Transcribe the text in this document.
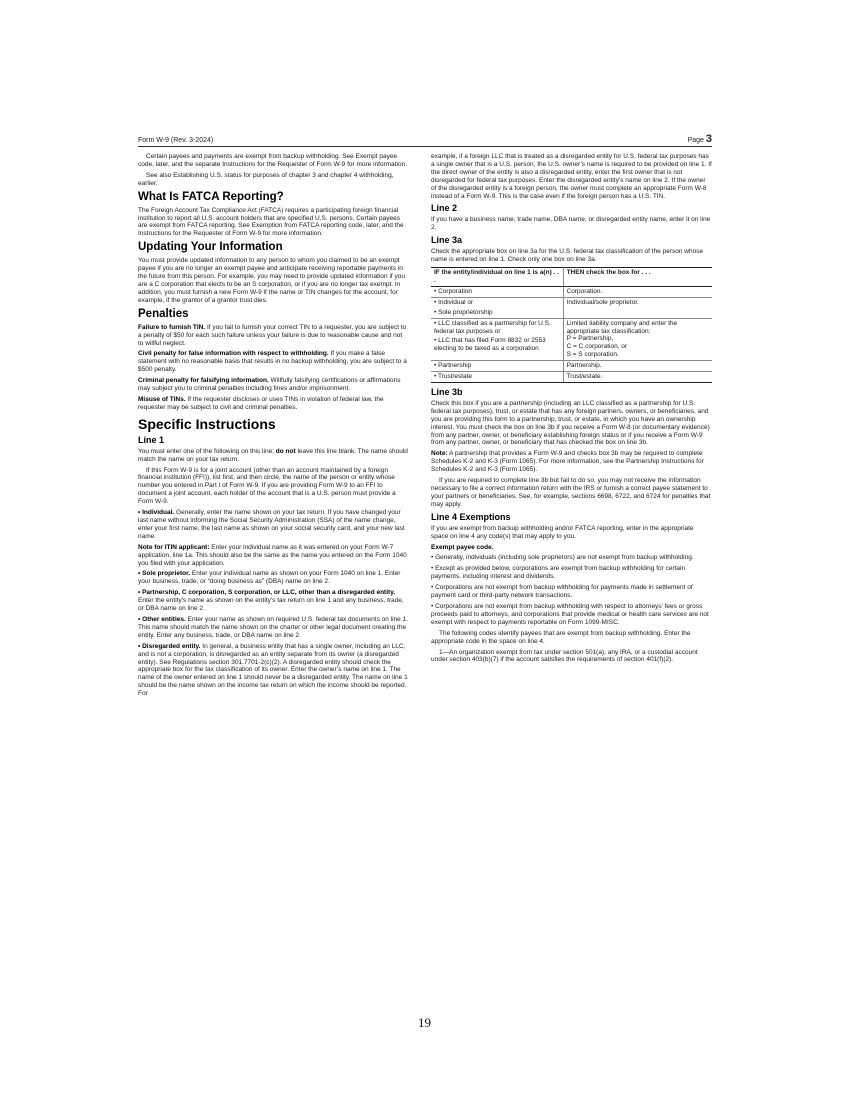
Form W-9 (Rev. 3-2024)	Page 3

Certain payees and payments are exempt from backup withholding. See Exempt payee code, later, and the separate Instructions for the Requester of Form W-9 for more information.

See also Establishing U.S. status for purposes of chapter 3 and chapter 4 withholding, earlier.

What Is FATCA Reporting?

The Foreign Account Tax Compliance Act (FATCA) requires a participating foreign financial institution to report all U.S. account holders that are specified U.S. persons. Certain payees are exempt from FATCA reporting. See Exemption from FATCA reporting code, later, and the Instructions for the Requester of Form W-9 for more information.

Updating Your Information

You must provide updated information to any person to whom you claimed to be an exempt payee if you are no longer an exempt payee and anticipate receiving reportable payments in the future from this person. For example, you may need to provide updated information if you are a C corporation that elects to be an S corporation, or if you are no longer tax exempt. In addition, you must furnish a new Form W-9 if the name or TIN changes for the account, for example, if the grantor of a grantor trust dies.

Penalties

Failure to furnish TIN. If you fail to furnish your correct TIN to a requester, you are subject to a penalty of $50 for each such failure unless your failure is due to reasonable cause and not to willful neglect.

Civil penalty for false information with respect to withholding. If you make a false statement with no reasonable basis that results in no backup withholding, you are subject to a $500 penalty.

Criminal penalty for falsifying information. Willfully falsifying certifications or affirmations may subject you to criminal penalties including fines and/or imprisonment.

Misuse of TINs. If the requester discloses or uses TINs in violation of federal law, the requester may be subject to civil and criminal penalties.

Specific Instructions
Line 1

You must enter one of the following on this line; do not leave this line blank. The name should match the name on your tax return.

If this Form W-9 is for a joint account (other than an account maintained by a foreign financial institution (FFI)), list first, and then circle, the name of the person or entity whose number you entered in Part I of Form W-9. If you are providing Form W-9 to an FFI to document a joint account, each holder of the account that is a U.S. person must provide a Form W-9.

• Individual. Generally, enter the name shown on your tax return. If you have changed your last name without informing the Social Security Administration (SSA) of the name change, enter your first name, the last name as shown on your social security card, and your new last name.

Note for ITIN applicant: Enter your individual name as it was entered on your Form W-7 application, line 1a. This should also be the same as the name you entered on the Form 1040 you filed with your application.

• Sole proprietor. Enter your individual name as shown on your Form 1040 on line 1. Enter your business, trade, or “doing business as” (DBA) name on line 2.

• Partnership, C corporation, S corporation, or LLC, other than a disregarded entity. Enter the entity’s name as shown on the entity’s tax return on line 1 and any business, trade, or DBA name on line 2.

• Other entities. Enter your name as shown on required U.S. federal tax documents on line 1. This name should match the name shown on the charter or other legal document creating the entity. Enter any business, trade, or DBA name on line 2.

• Disregarded entity. In general, a business entity that has a single owner, including an LLC, and is not a corporation, is disregarded as an entity separate from its owner (a disregarded entity). See Regulations section 301.7701-2(c)(2). A disregarded entity should check the appropriate box for the tax classification of its owner. Enter the owner’s name on line 1. The name of the owner entered on line 1 should never be a disregarded entity. The name on line 1 should be the name shown on the income tax return on which the income should be reported. For

example, if a foreign LLC that is treated as a disregarded entity for U.S. federal tax purposes has a single owner that is a U.S. person, the U.S. owner’s name is required to be provided on line 1. If the direct owner of the entity is also a disregarded entity, enter the first owner that is not disregarded for federal tax purposes. Enter the disregarded entity’s name on line 2. If the owner of the disregarded entity is a foreign person, the owner must complete an appropriate Form W-8 instead of a Form W-9. This is the case even if the foreign person has a U.S. TIN.

Line 2

If you have a business name, trade name, DBA name, or disregarded entity name, enter it on line 2.

Line 3a

Check the appropriate box on line 3a for the U.S. federal tax classification of the person whose name is entered on line 1. Check only one box on line 3a.

IF the entity/individual on line 1 is a(n) . . .	THEN check the box for . . .
• Corporation	Corporation.

• Individual or
• Sole proprietorship	Individual/sole proprietor.

• LLC classified as a partnership for U.S. federal tax purposes or
• LLC that has filed Form 8832 or 2553 electing to be taxed as a corporation	Limited liability company and enter the appropriate tax classification:
P = Partnership,
C = C corporation, or
S = S corporation.

• Partnership	Partnership.
• Trust/estate	Trust/estate.
Line 3b

Check this box if you are a partnership (including an LLC classified as a partnership for U.S. federal tax purposes), trust, or estate that has any foreign partners, owners, or beneficiaries, and you are providing this form to a partnership, trust, or estate, in which you have an ownership interest. You must check the box on line 3b if you receive a Form W-8 (or documentary evidence) from any partner, owner, or beneficiary establishing foreign status or if you receive a Form W-9 from any partner, owner, or beneficiary that has checked the box on line 3b.

Note: A partnership that provides a Form W-9 and checks box 3b may be required to complete Schedules K-2 and K-3 (Form 1065). For more information, see the Partnership Instructions for Schedules K-2 and K-3 (Form 1065).

If you are required to complete line 3b but fail to do so, you may not receive the information necessary to file a correct information return with the IRS or furnish a correct payee statement to your partners or beneficiaries. See, for example, sections 6698, 6722, and 6724 for penalties that may apply.

Line 4 Exemptions

If you are exempt from backup withholding and/or FATCA reporting, enter in the appropriate space on line 4 any code(s) that may apply to you.

Exempt payee code.

• Generally, individuals (including sole proprietors) are not exempt from backup withholding.

• Except as provided below, corporations are exempt from backup withholding for certain payments, including interest and dividends.

• Corporations are not exempt from backup withholding for payments made in settlement of payment card or third-party network transactions.

• Corporations are not exempt from backup withholding with respect to attorneys’ fees or gross proceeds paid to attorneys, and corporations that provide medical or health care services are not exempt with respect to payments reportable on Form 1099-MISC.

The following codes identify payees that are exempt from backup withholding. Enter the appropriate code in the space on line 4.

1—An organization exempt from tax under section 501(a), any IRA, or a custodial account under section 403(b)(7) if the account satisfies the requirements of section 401(f)(2).

19
